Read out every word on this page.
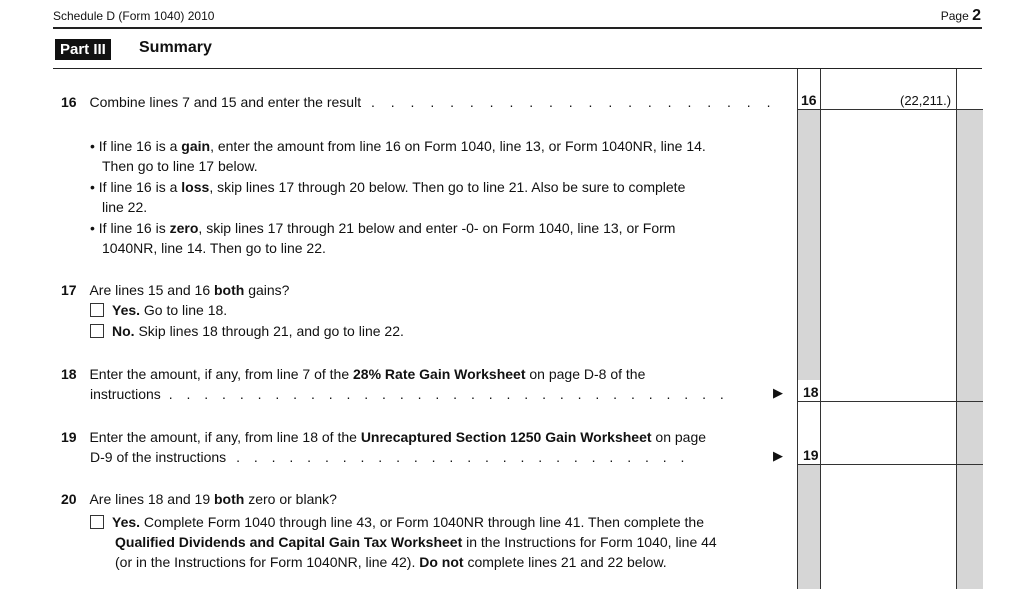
Schedule D (Form 1040) 2010	Page 2
Part III	Summary
16 Combine lines 7 and 15 and enter the result . . . . . . . . . . . . . . . . . . . . . 16	(22,211.)
• If line 16 is a gain, enter the amount from line 16 on Form 1040, line 13, or Form 1040NR, line 14.
Then go to line 17 below.
• If line 16 is a loss, skip lines 17 through 20 below. Then go to line 21. Also be sure to complete
line 22.
• If line 16 is zero, skip lines 17 through 21 below and enter -0- on Form 1040, line 13, or Form
1040NR, line 14. Then go to line 22.
17 Are lines 15 and 16 both gains?
Yes. Go to line 18.
No. Skip lines 18 through 21, and go to line 22.
18 Enter the amount, if any, from line 7 of the 28% Rate Gain Worksheet on page D-8 of the
instructions . . . . . . . . . . . . . . . . . . . . . . . . . . . . . . . .	▶ 18
19 Enter the amount, if any, from line 18 of the Unrecaptured Section 1250 Gain Worksheet on page
D-9 of the instructions . . . . . . . . . . . . . . . . . . . . . . . . . .	▶ 19
20 Are lines 18 and 19 both zero or blank?
Yes. Complete Form 1040 through line 43, or Form 1040NR through line 41. Then complete the
Qualified Dividends and Capital Gain Tax Worksheet in the Instructions for Form 1040, line 44
(or in the Instructions for Form 1040NR, line 42). Do not complete lines 21 and 22 below.
